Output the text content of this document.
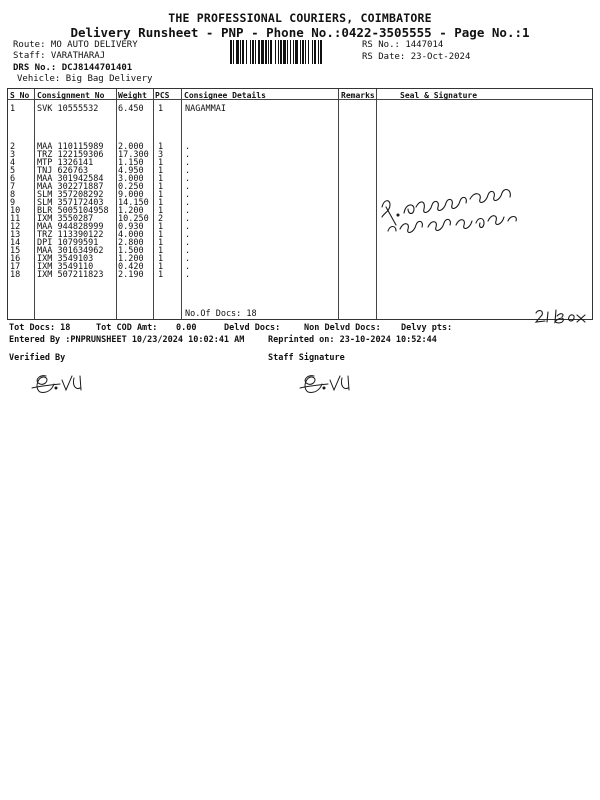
THE PROFESSIONAL COURIERS, COIMBATORE
Delivery Runsheet - PNP - Phone No.:0422-3505555 - Page No.:1
Route: MO AUTO DELIVERY
Staff: VARATHARAJ
DRS No.: DCJ8144701401
Vehicle: Big Bag Delivery
RS No.: 1447014
RS Date: 23-Oct-2024
S No Consignment No Weight PCS Consignee Details	Remarks	Seal & Signature
1	SVK 10555532 6.450 1	NAGAMMAI
2	MAA 110115989 2.000 1	.
3	TRZ 122159306 17.300 3	.
4	MTP 1326141	1.150 1	.
5	TNJ 626763	4.950 1	.
6	MAA 301942584 3.000 1	.
7	MAA 302271887 0.250 1	.
8	SLM 357208292 9.000 1	.
9	SLM 357172403 14.150 1	.
10 BLR 5005104958 1.200 1	.
11 IXM 3550287	10.250 2	.
12 MAA 944828999 0.930 1	.
13 TRZ 113390122 4.000 1	.
14 DPI 10799591 2.800 1	.
15 MAA 301634962 1.500 1	.
16 IXM 3549103	1.200 1	.
17 IXM 3549110	0.420 1	.
18 IXM 507211823 2.190 1	.
No.Of Docs: 18
Tot Docs: 18	Tot COD Amt: 0.00	Delvd Docs:	Non Delvd Docs: Delvy pts:
Entered By :PNPRUNSHEET 10/23/2024 10:02:41 AM	Reprinted on: 23-10-2024 10:52:44
Verified By	Staff Signature
